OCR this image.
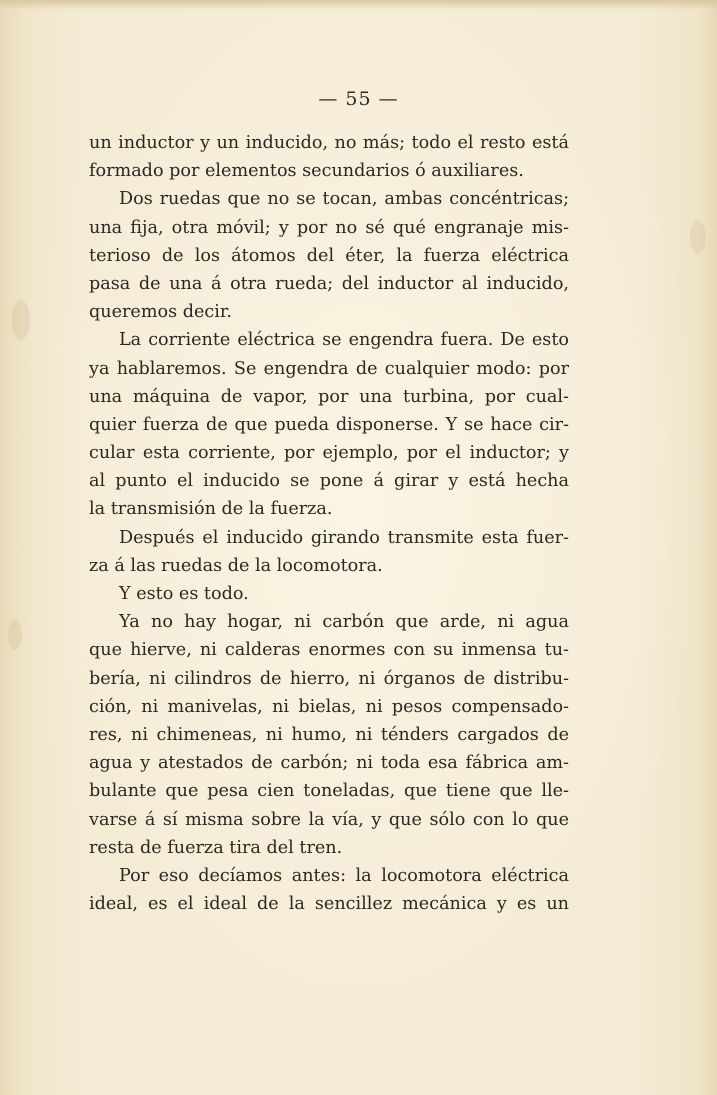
— 55 —
un inductor y un inducido, no más; todo el resto está
formado por elementos secundarios ó auxiliares.
Dos ruedas que no se tocan, ambas concéntricas;
una fija, otra móvil; y por no sé qué engranaje mis-
terioso de los átomos del éter, la fuerza eléctrica
pasa de una á otra rueda; del inductor al inducido,
queremos decir.
La corriente eléctrica se engendra fuera. De esto
ya hablaremos. Se engendra de cualquier modo: por
una máquina de vapor, por una turbina, por cual-
quier fuerza de que pueda disponerse. Y se hace cir-
cular esta corriente, por ejemplo, por el inductor; y
al punto el inducido se pone á girar y está hecha
la transmisión de la fuerza.
Después el inducido girando transmite esta fuer-
za á las ruedas de la locomotora.
Y esto es todo.
Ya no hay hogar, ni carbón que arde, ni agua
que hierve, ni calderas enormes con su inmensa tu-
bería, ni cilindros de hierro, ni órganos de distribu-
ción, ni manivelas, ni bielas, ni pesos compensado-
res, ni chimeneas, ni humo, ni ténders cargados de
agua y atestados de carbón; ni toda esa fábrica am-
bulante que pesa cien toneladas, que tiene que lle-
varse á sí misma sobre la vía, y que sólo con lo que
resta de fuerza tira del tren.
Por eso decíamos antes: la locomotora eléctrica
ideal, es el ideal de la sencillez mecánica y es un
